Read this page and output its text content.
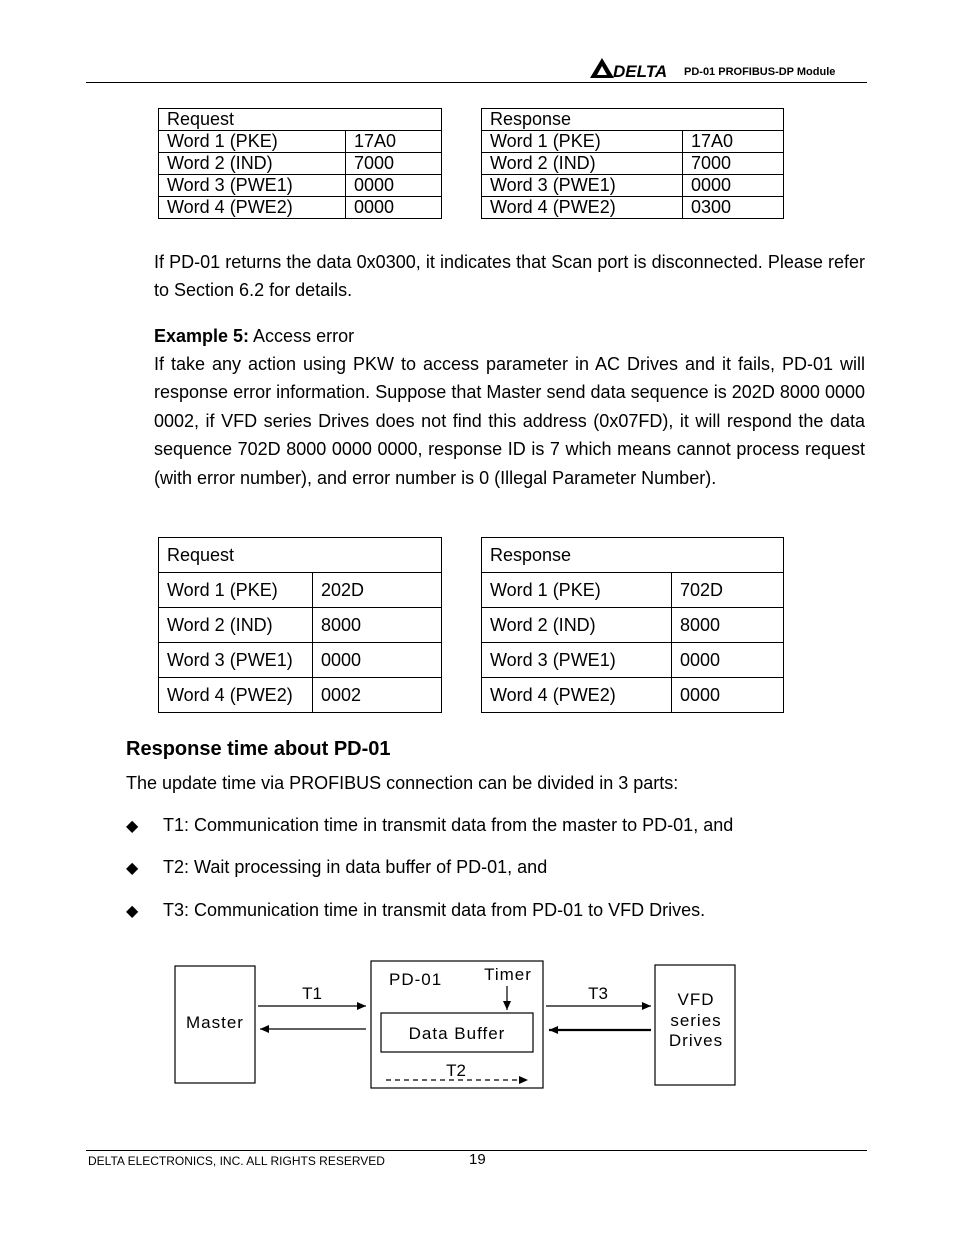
DELTA PD-01 PROFIBUS-DP Module
Request	
Word 1 (PKE)	17A0
Word 2 (IND)	7000
Word 3 (PWE1)	0000
Word 4 (PWE2)	0000
Response	
Word 1 (PKE)	17A0
Word 2 (IND)	7000
Word 3 (PWE1)	0000
Word 4 (PWE2)	0300
If PD-01 returns the data 0x0300, it indicates that Scan port is disconnected. Please refer to Section 6.2 for details.
Example 5: Access error
If take any action using PKW to access parameter in AC Drives and it fails, PD-01 will response error information. Suppose that Master send data sequence is 202D 8000 0000 0002, if VFD series Drives does not find this address (0x07FD), it will respond the data sequence 702D 8000 0000 0000, response ID is 7 which means cannot process request (with error number), and error number is 0 (Illegal Parameter Number).
Request	
Word 1 (PKE)	202D
Word 2 (IND)	8000
Word 3 (PWE1)	0000
Word 4 (PWE2)	0002
Response	
Word 1 (PKE)	702D
Word 2 (IND)	8000
Word 3 (PWE1)	0000
Word 4 (PWE2)	0000
Response time about PD-01
The update time via PROFIBUS connection can be divided in 3 parts:
◆ T1: Communication time in transmit data from the master to PD-01, and
◆ T2: Wait processing in data buffer of PD-01, and
◆ T3: Communication time in transmit data from PD-01 to VFD Drives.
Master
PD-01 Timer
Data Buffer
T2
VFD
series
Drives
T1	T3
DELTA ELECTRONICS, INC. ALL RIGHTS RESERVED	19
